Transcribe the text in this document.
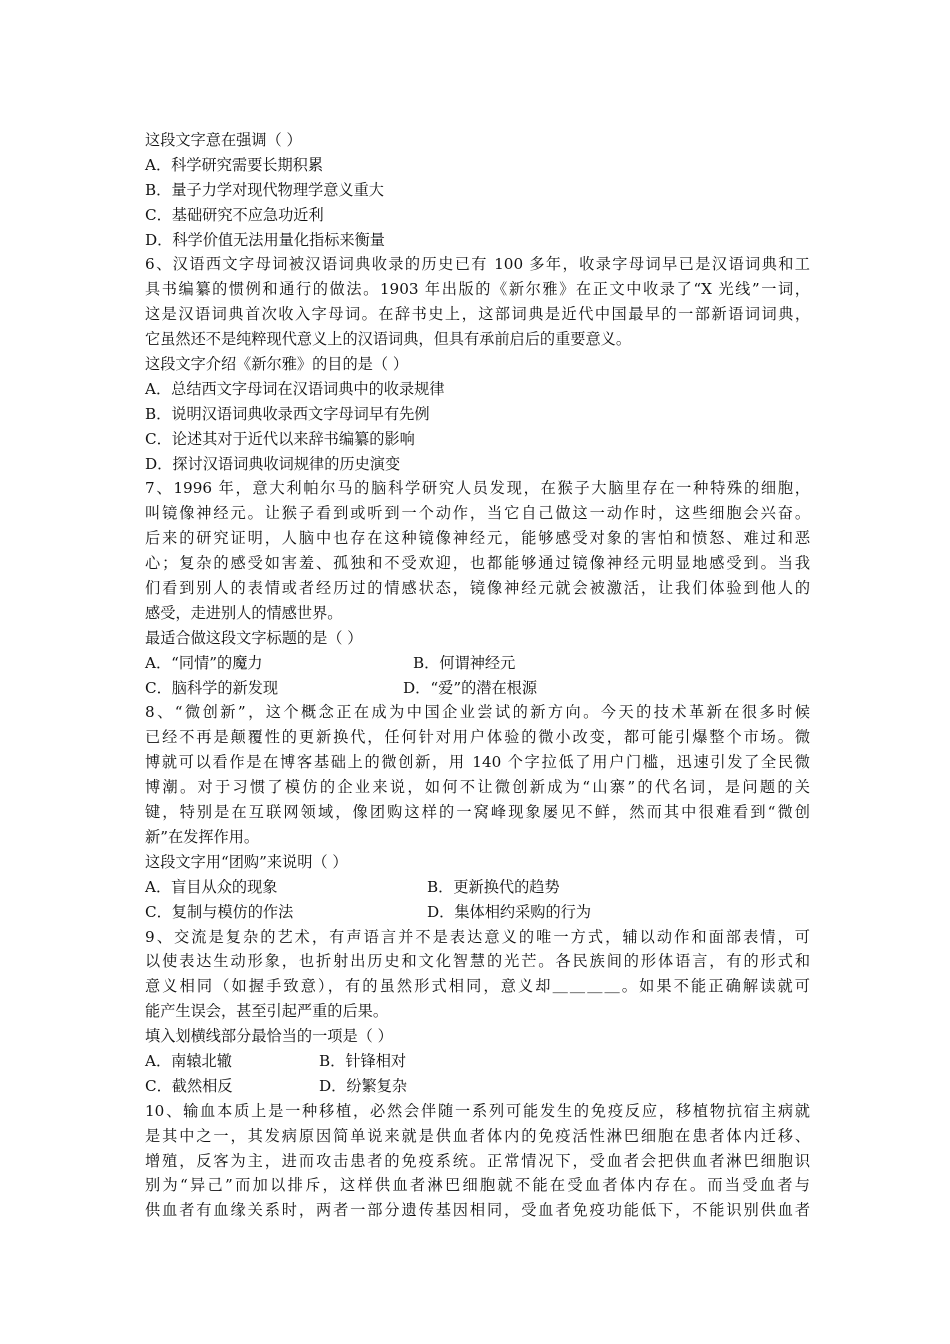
这段文字意在强调（ ）
A．科学研究需要长期积累
B．量子力学对现代物理学意义重大
C．基础研究不应急功近利
D．科学价值无法用量化指标来衡量
6、汉语西文字母词被汉语词典收录的历史已有 100 多年，收录字母词早已是汉语词典和工
具书编纂的惯例和通行的做法。1903 年出版的《新尔雅》在正文中收录了“X 光线”一词，
这是汉语词典首次收入字母词。在辞书史上，这部词典是近代中国最早的一部新语词词典，
它虽然还不是纯粹现代意义上的汉语词典，但具有承前启后的重要意义。
这段文字介绍《新尔雅》的目的是（ ）
A．总结西文字母词在汉语词典中的收录规律
B．说明汉语词典收录西文字母词早有先例
C．论述其对于近代以来辞书编纂的影响
D．探讨汉语词典收词规律的历史演变
7、1996 年，意大利帕尔马的脑科学研究人员发现，在猴子大脑里存在一种特殊的细胞，
叫镜像神经元。让猴子看到或听到一个动作，当它自己做这一动作时，这些细胞会兴奋。
后来的研究证明，人脑中也存在这种镜像神经元，能够感受对象的害怕和愤怒、难过和恶
心；复杂的感受如害羞、孤独和不受欢迎，也都能够通过镜像神经元明显地感受到。当我
们看到别人的表情或者经历过的情感状态，镜像神经元就会被激活，让我们体验到他人的
感受，走进别人的情感世界。
最适合做这段文字标题的是（ ）
A．“同情”的魔力	B．何谓神经元
C．脑科学的新发现	D．“爱”的潜在根源
8、“微创新”，这个概念正在成为中国企业尝试的新方向。今天的技术革新在很多时候
已经不再是颠覆性的更新换代，任何针对用户体验的微小改变，都可能引爆整个市场。微
博就可以看作是在博客基础上的微创新，用 140 个字拉低了用户门槛，迅速引发了全民微
博潮。对于习惯了模仿的企业来说，如何不让微创新成为“山寨”的代名词，是问题的关
键，特别是在互联网领域，像团购这样的一窝峰现象屡见不鲜，然而其中很难看到“微创
新”在发挥作用。
这段文字用“团购”来说明（ ）
A．盲目从众的现象	B．更新换代的趋势
C．复制与模仿的作法	D．集体相约采购的行为
9、交流是复杂的艺术，有声语言并不是表达意义的唯一方式，辅以动作和面部表情，可
以使表达生动形象，也折射出历史和文化智慧的光芒。各民族间的形体语言，有的形式和
意义相同（如握手致意），有的虽然形式相同，意义却＿＿＿＿。如果不能正确解读就可
能产生误会，甚至引起严重的后果。
填入划横线部分最恰当的一项是（ ）
A．南辕北辙	B．针锋相对
C．截然相反	D．纷繁复杂
10、输血本质上是一种移植，必然会伴随一系列可能发生的免疫反应，移植物抗宿主病就
是其中之一，其发病原因简单说来就是供血者体内的免疫活性淋巴细胞在患者体内迁移、
增殖，反客为主，进而攻击患者的免疫系统。正常情况下，受血者会把供血者淋巴细胞识
别为“异己”而加以排斥，这样供血者淋巴细胞就不能在受血者体内存在。而当受血者与
供血者有血缘关系时，两者一部分遗传基因相同，受血者免疫功能低下，不能识别供血者
